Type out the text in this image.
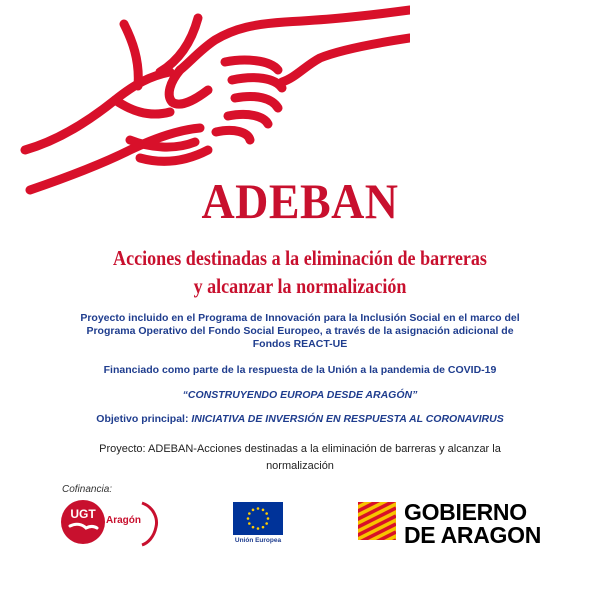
ADEBAN
Acciones destinadas a la eliminación de barreras
y alcanzar la normalización
Proyecto incluido en el Programa de Innovación para la Inclusión Social en el marco del
Programa Operativo del Fondo Social Europeo, a través de la asignación adicional de
Fondos REACT-UE
Financiado como parte de la respuesta de la Unión a la pandemia de COVID-19
“CONSTRUYENDO EUROPA DESDE ARAGÓN”
Objetivo principal: INICIATIVA DE INVERSIÓN EN RESPUESTA AL CORONAVIRUS
Proyecto: ADEBAN-Acciones destinadas a la eliminación de barreras y alcanzar la
normalización
Cofinancia:
UGT Aragón
Unión Europea
GOBIERNO
DE ARAGON
